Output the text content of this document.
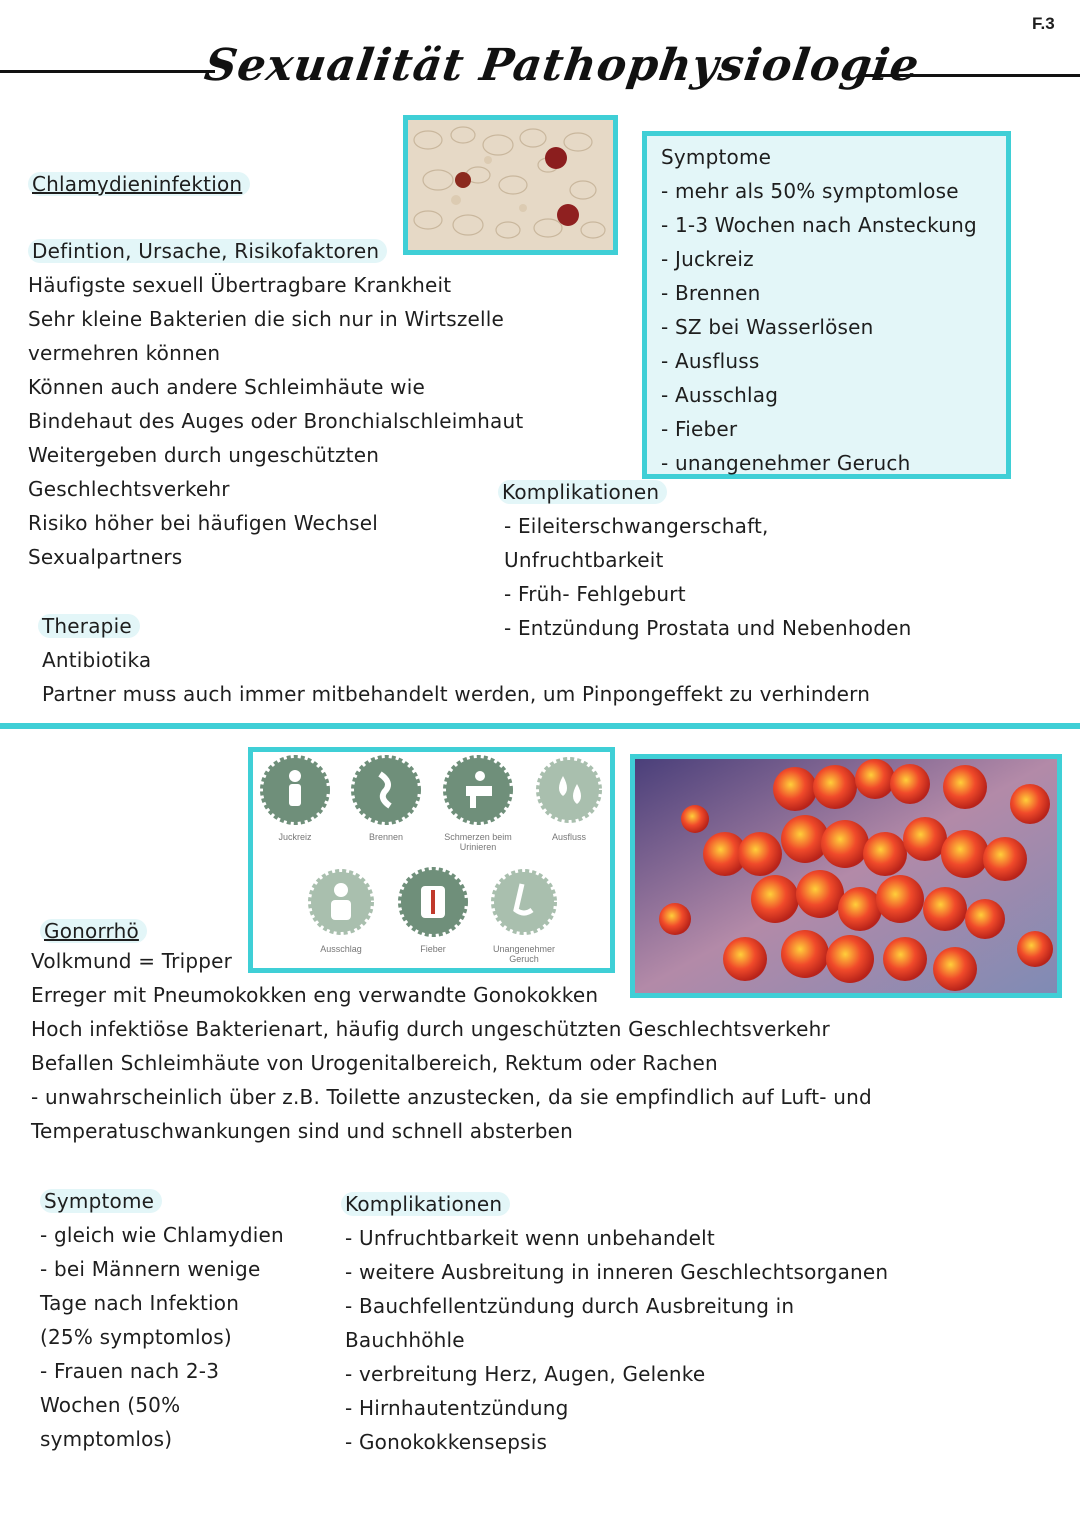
F.3
Sexualität Pathophysiologie
Chlamydieninfektion
Defintion, Ursache, Risikofaktoren
Häufigste sexuell Übertragbare Krankheit
Sehr kleine Bakterien die sich nur in Wirtszelle
vermehren können
Können auch andere Schleimhäute wie
Bindehaut des Auges oder Bronchialschleimhaut
Weitergeben durch ungeschützten
Geschlechtsverkehr
Risiko höher bei häufigen Wechsel
Sexualpartners
Symptome
- mehr als 50% symptomlose
- 1-3 Wochen nach Ansteckung
- Juckreiz
- Brennen
- SZ bei Wasserlösen
- Ausfluss
- Ausschlag
- Fieber
- unangenehmer Geruch
Komplikationen
- Eileiterschwangerschaft,
Unfruchtbarkeit
- Früh- Fehlgeburt
- Entzündung Prostata und Nebenhoden
Therapie
Antibiotika
Partner muss auch immer mitbehandelt werden, um Pinpongeffekt zu verhindern
Juckreiz	Brennen	Schmerzen beim Urinieren
Ausfluss
Ausschlag	Fieber	Unangenehmer Geruch
Gonorrhö
Volkmund = Tripper
Erreger mit Pneumokokken eng verwandte Gonokokken
Hoch infektiöse Bakterienart, häufig durch ungeschützten Geschlechtsverkehr
Befallen Schleimhäute von Urogenitalbereich, Rektum oder Rachen
- unwahrscheinlich über z.B. Toilette anzustecken, da sie empfindlich auf Luft- und
Temperatuschwankungen sind und schnell absterben
Symptome
- gleich wie Chlamydien
- bei Männern wenige
Tage nach Infektion
(25% symptomlos)
- Frauen nach 2-3
Wochen (50%
symptomlos)
Komplikationen
- Unfruchtbarkeit wenn unbehandelt
- weitere Ausbreitung in inneren Geschlechtsorganen
- Bauchfellentzündung durch Ausbreitung in
Bauchhöhle
- verbreitung Herz, Augen, Gelenke
- Hirnhautentzündung
- Gonokokkensepsis
